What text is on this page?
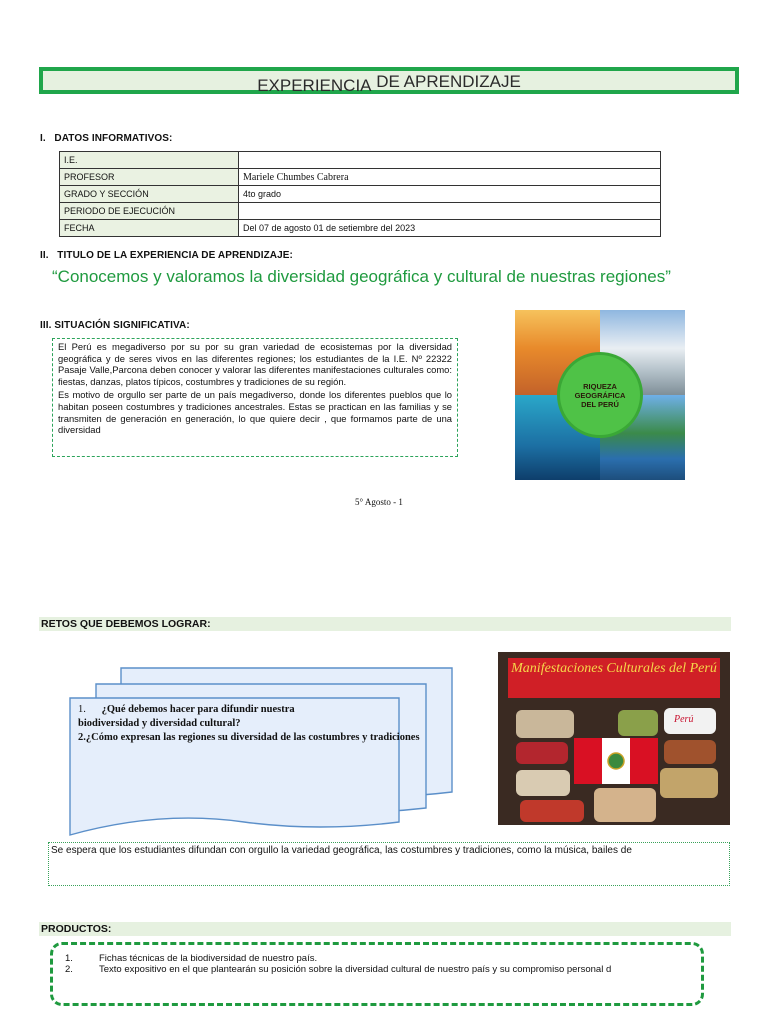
EXPERIENCIA DE APRENDIZAJE
I. DATOS INFORMATIVOS:
I.E.	
PROFESOR	Mariele Chumbes Cabrera
GRADO Y SECCIÓN	4to grado
PERIODO DE EJECUCIÓN	
FECHA	Del 07 de agosto 01 de setiembre del 2023
II. TITULO DE LA EXPERIENCIA DE APRENDIZAJE:
“Conocemos y valoramos la diversidad geográfica y cultural de nuestras regiones”
III. SITUACIÓN SIGNIFICATIVA:

El Perú es megadiverso por su por su gran variedad de ecosistemas por la diversidad geográfica y de seres vivos en las diferentes regiones; los estudiantes de la I.E. Nº 22322 Pasaje Valle,Parcona deben conocer y valorar las diferentes manifestaciones culturales como: fiestas, danzas, platos típicos, costumbres y tradiciones de su región.

Es motivo de orgullo ser parte de un país megadiverso, donde los diferentes pueblos que lo habitan poseen costumbres y tradiciones ancestrales. Estas se practican en las familias y se transmiten de generación en generación, lo que quiere decir , que formamos parte de una diversidad

RIQUEZA
GEOGRÁFICA
DEL PERÚ
5° Agosto - 1
RETOS QUE DEBEMOS LOGRAR:
1. ¿Qué debemos hacer para difundir nuestra
biodiversidad y diversidad cultural?
2.¿Cómo expresan las regiones su diversidad de las costumbres y tradiciones
Manifestaciones Culturales del Perú
Perú
Se espera que los estudiantes difundan con orgullo la variedad geográfica, las costumbres y tradiciones, como la música, bailes de
PRODUCTOS:
1.	Fichas técnicas de la biodiversidad de nuestro país.
2.	Texto expositivo en el que plantearán su posición sobre la diversidad cultural de nuestro país y su compromiso personal d
